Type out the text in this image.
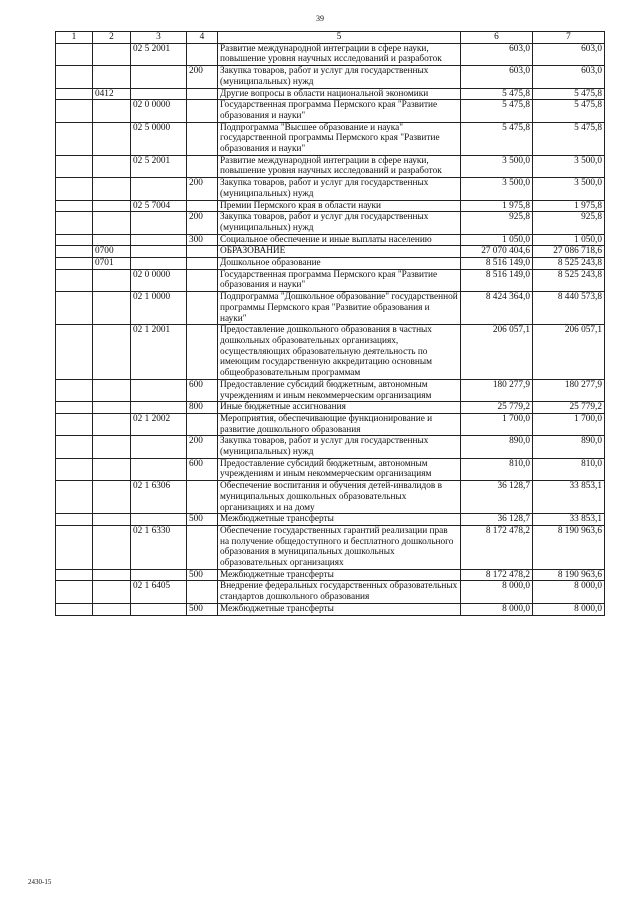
39
1	2	3	4	5	6	7
		02 5 2001		Развитие международной интеграции в сфере науки, повышение уровня научных исследований и разработок	603,0	603,0
			200	Закупка товаров, работ и услуг для государственных (муниципальных) нужд	603,0	603,0
	0412			Другие вопросы в области национальной экономики	5 475,8	5 475,8
		02 0 0000		Государственная программа Пермского края "Развитие образования и науки"	5 475,8	5 475,8
		02 5 0000		Подпрограмма "Высшее образование и наука" государственной программы Пермского края "Развитие образования и науки"	5 475,8	5 475,8
		02 5 2001		Развитие международной интеграции в сфере науки, повышение уровня научных исследований и разработок	3 500,0	3 500,0
			200	Закупка товаров, работ и услуг для государственных (муниципальных) нужд	3 500,0	3 500,0
		02 5 7004		Премии Пермского края в области науки	1 975,8	1 975,8
			200	Закупка товаров, работ и услуг для государственных (муниципальных) нужд	925,8	925,8
			300	Социальное обеспечение и иные выплаты населению	1 050,0	1 050,0
	0700			ОБРАЗОВАНИЕ	27 070 404,6	27 086 718,6
	0701			Дошкольное образование	8 516 149,0	8 525 243,8
		02 0 0000		Государственная программа Пермского края "Развитие образования и науки"	8 516 149,0	8 525 243,8
		02 1 0000		Подпрограмма "Дошкольное образование" государственной программы Пермского края "Развитие образования и науки"	8 424 364,0	8 440 573,8
		02 1 2001		Предоставление дошкольного образования в частных дошкольных образовательных организациях, осуществляющих образовательную деятельность по имеющим государственную аккредитацию основным общеобразовательным программам	206 057,1	206 057,1
			600	Предоставление субсидий бюджетным, автономным учреждениям и иным некоммерческим организациям	180 277,9	180 277,9
			800	Иные бюджетные ассигнования	25 779,2	25 779,2
		02 1 2002		Мероприятия, обеспечивающие функционирование и развитие дошкольного образования	1 700,0	1 700,0
			200	Закупка товаров, работ и услуг для государственных (муниципальных) нужд	890,0	890,0
			600	Предоставление субсидий бюджетным, автономным учреждениям и иным некоммерческим организациям	810,0	810,0
		02 1 6306		Обеспечение воспитания и обучения детей-инвалидов в муниципальных дошкольных образовательных организациях и на дому	36 128,7	33 853,1
			500	Межбюджетные трансферты	36 128,7	33 853,1
		02 1 6330		Обеспечение государственных гарантий реализации прав на получение общедоступного и бесплатного дошкольного образования в муниципальных дошкольных образовательных организациях	8 172 478,2	8 190 963,6
			500	Межбюджетные трансферты	8 172 478,2	8 190 963,6
		02 1 6405		Внедрение федеральных государственных образовательных стандартов дошкольного образования	8 000,0	8 000,0
			500	Межбюджетные трансферты	8 000,0	8 000,0
2430-15
